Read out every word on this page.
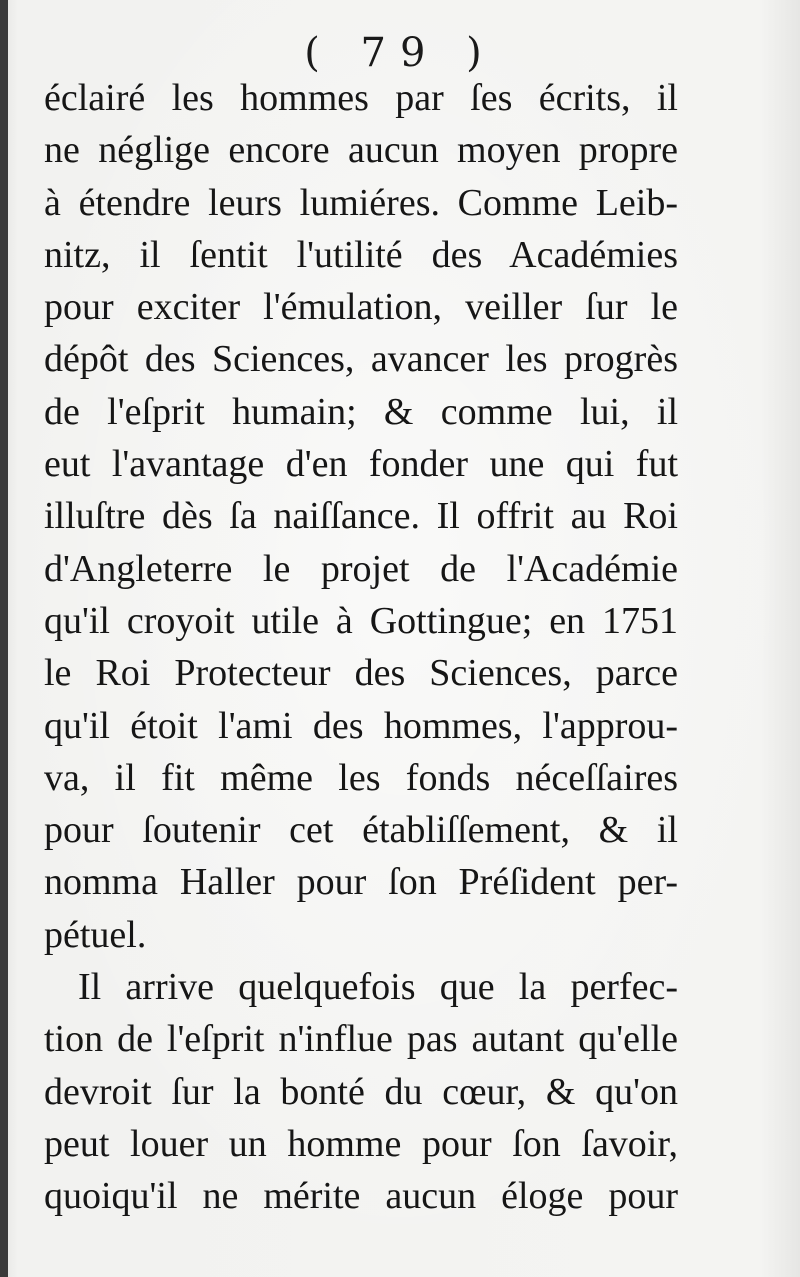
( 79 )
éclairé les hommes par ſes écrits, il
ne néglige encore aucun moyen propre
à étendre leurs lumiéres. Comme Leib-
nitz, il ſentit l'utilité des Académies
pour exciter l'émulation, veiller ſur le
dépôt des Sciences, avancer les progrès
de l'eſprit humain; & comme lui, il
eut l'avantage d'en fonder une qui fut
illuſtre dès ſa naiſſance. Il offrit au Roi
d'Angleterre le projet de l'Académie
qu'il croyoit utile à Gottingue; en 1751
le Roi Protecteur des Sciences, parce
qu'il étoit l'ami des hommes, l'approu-
va, il fit même les fonds néceſſaires
pour ſoutenir cet établiſſement, & il
nomma Haller pour ſon Préſident per-
pétuel.
Il arrive quelquefois que la perfec-
tion de l'eſprit n'influe pas autant qu'elle
devroit ſur la bonté du cœur, & qu'on
peut louer un homme pour ſon ſavoir,
quoiqu'il ne mérite aucun éloge pour
